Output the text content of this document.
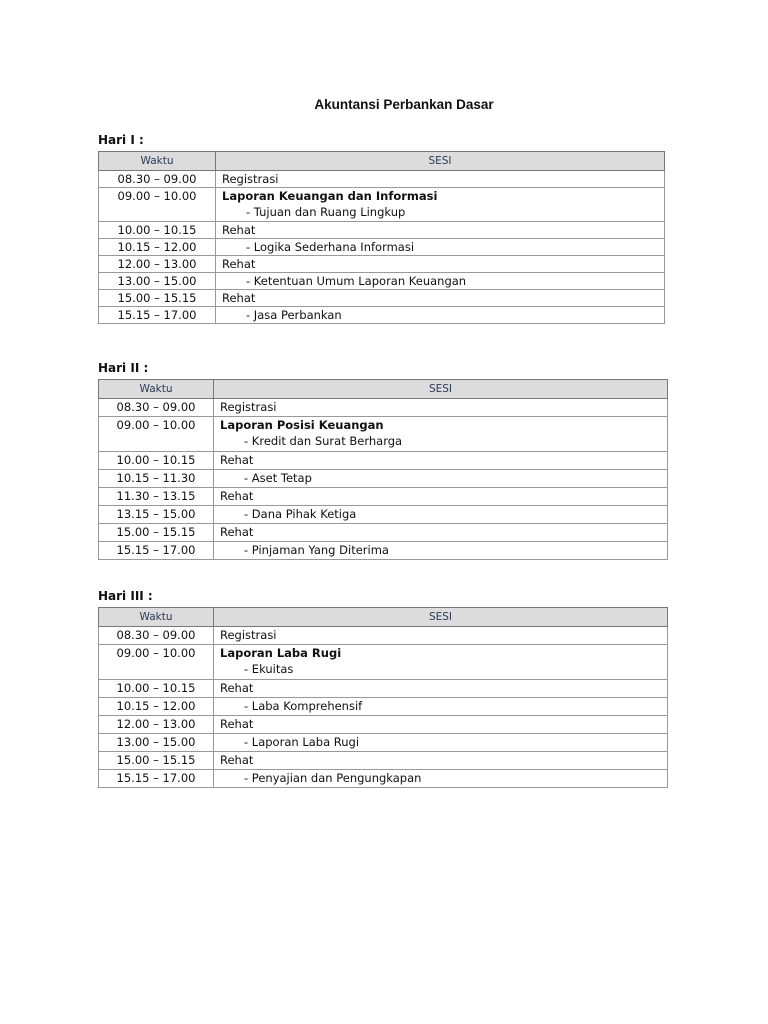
Akuntansi Perbankan Dasar
Hari I :
Waktu	SESI
08.30 – 09.00	Registrasi
09.00 – 10.00	Laporan Keuangan dan Informasi
- Tujuan dan Ruang Lingkup

10.00 – 10.15	Rehat
10.15 – 12.00	- Logika Sederhana Informasi

12.00 – 13.00	Rehat
13.00 – 15.00	- Ketentuan Umum Laporan Keuangan

15.00 – 15.15	Rehat
15.15 – 17.00	- Jasa Perbankan
Hari II :
Waktu	SESI
08.30 – 09.00	Registrasi
09.00 – 10.00	Laporan Posisi Keuangan
- Kredit dan Surat Berharga

10.00 – 10.15	Rehat
10.15 – 11.30	- Aset Tetap

11.30 – 13.15	Rehat
13.15 – 15.00	- Dana Pihak Ketiga

15.00 – 15.15	Rehat
15.15 – 17.00	- Pinjaman Yang Diterima
Hari III :
Waktu	SESI
08.30 – 09.00	Registrasi
09.00 – 10.00	Laporan Laba Rugi
- Ekuitas

10.00 – 10.15	Rehat
10.15 – 12.00	- Laba Komprehensif

12.00 – 13.00	Rehat
13.00 – 15.00	- Laporan Laba Rugi

15.00 – 15.15	Rehat
15.15 – 17.00	- Penyajian dan Pengungkapan
